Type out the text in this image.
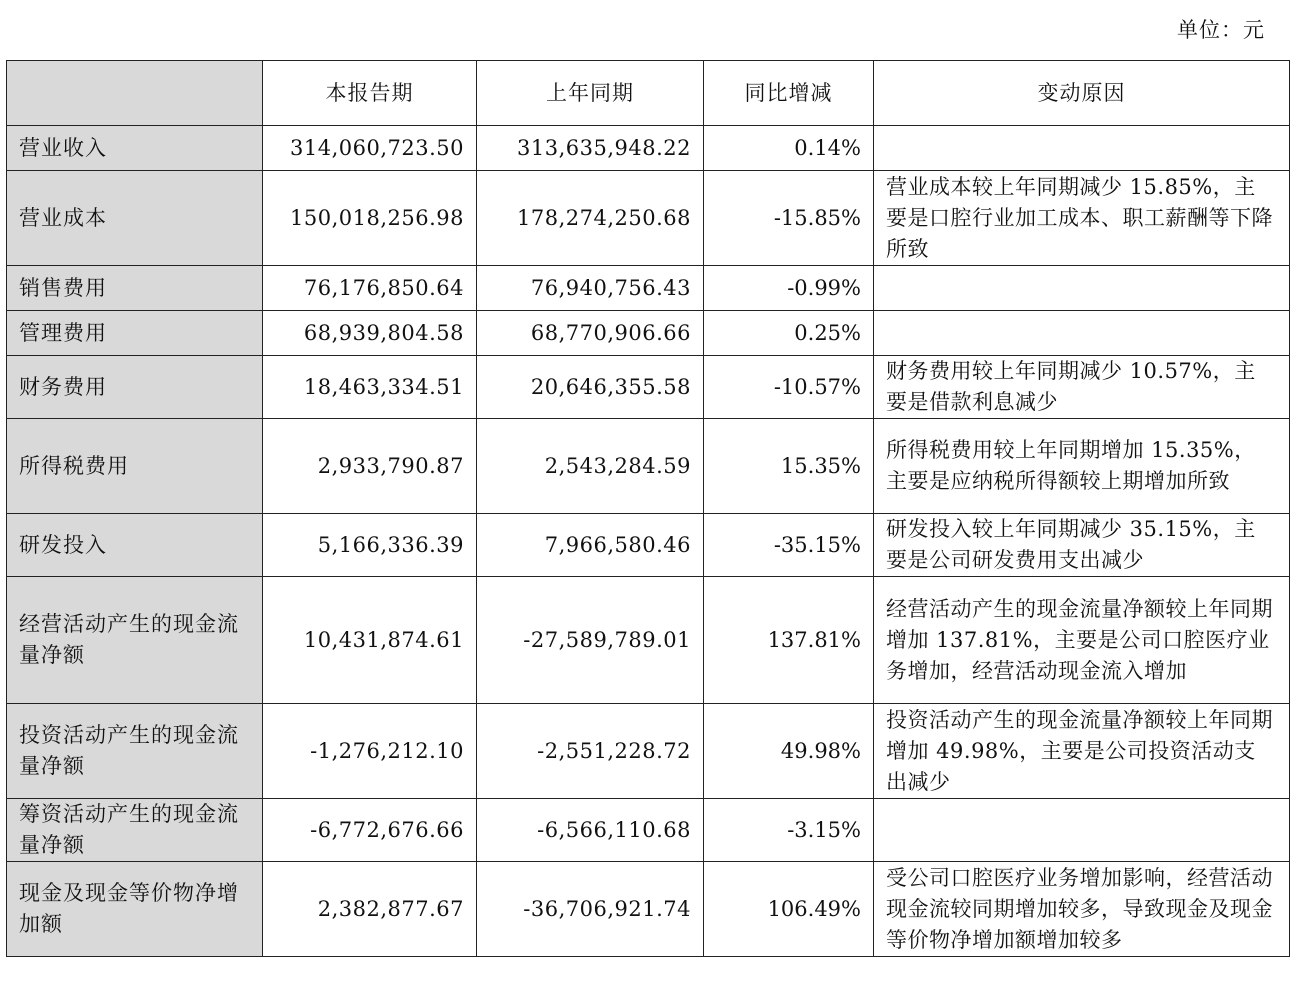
单位：元
	本报告期	上年同期	同比增减	变动原因
营业收入	314,060,723.50	313,635,948.22	0.14%	
营业成本	150,018,256.98	178,274,250.68	-15.85%	营业成本较上年同期减少 15.85%，主要是口腔行业加工成本、职工薪酬等下降所致
销售费用	76,176,850.64	76,940,756.43	-0.99%	
管理费用	68,939,804.58	68,770,906.66	0.25%	
财务费用	18,463,334.51	20,646,355.58	-10.57%	财务费用较上年同期减少 10.57%，主要是借款利息减少
所得税费用	2,933,790.87	2,543,284.59	15.35%	所得税费用较上年同期增加 15.35%，主要是应纳税所得额较上期增加所致
研发投入	5,166,336.39	7,966,580.46	-35.15%	研发投入较上年同期减少 35.15%，主要是公司研发费用支出减少
经营活动产生的现金流量净额	10,431,874.61	-27,589,789.01	137.81%	经营活动产生的现金流量净额较上年同期增加 137.81%，主要是公司口腔医疗业务增加，经营活动现金流入增加
投资活动产生的现金流量净额	-1,276,212.10	-2,551,228.72	49.98%	投资活动产生的现金流量净额较上年同期增加 49.98%，主要是公司投资活动支出减少
筹资活动产生的现金流量净额	-6,772,676.66	-6,566,110.68	-3.15%	
现金及现金等价物净增加额	2,382,877.67	-36,706,921.74	106.49%	受公司口腔医疗业务增加影响，经营活动现金流较同期增加较多，导致现金及现金等价物净增加额增加较多
